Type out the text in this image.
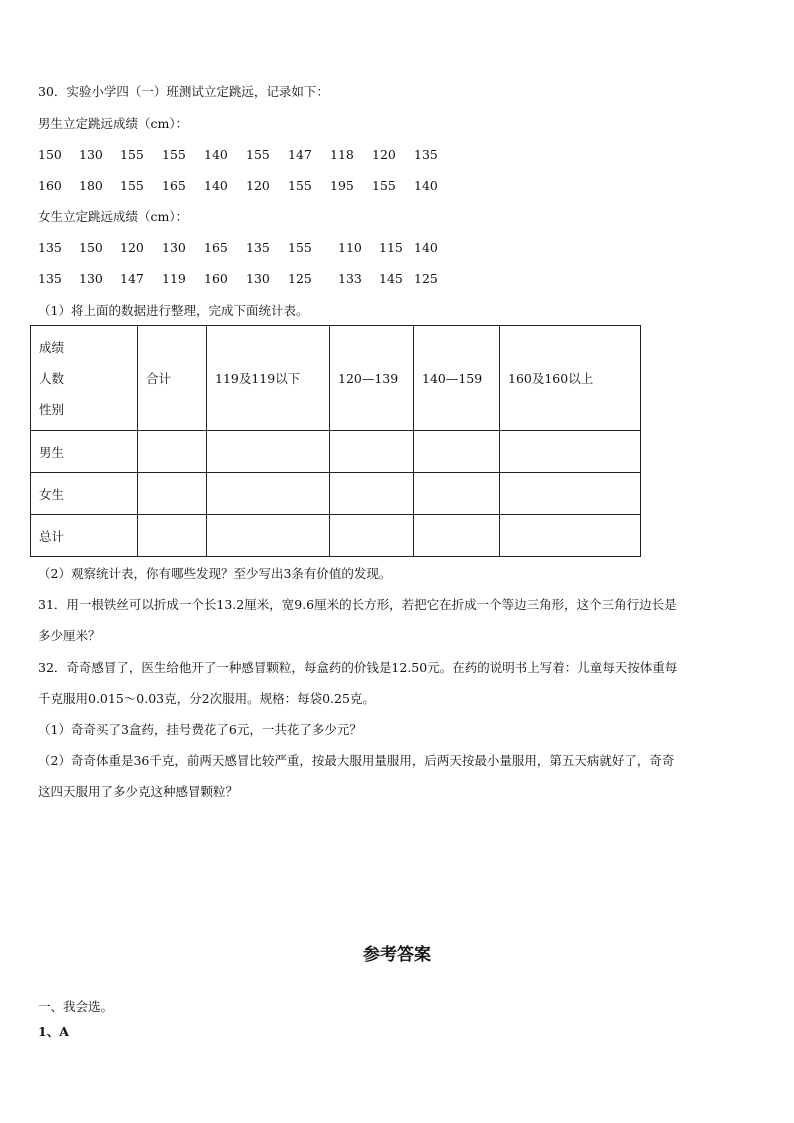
30．实验小学四（一）班测试立定跳远，记录如下：
男生立定跳远成绩（cm）：
150 130 155 155 140 155 147 118 120 135
160 180 155 165 140 120 155 195 155 140
女生立定跳远成绩（cm）：
135 150 120 130 165 135 155 110 115 140
135 130 147 119 160 130 125 133 145 125
（1）将上面的数据进行整理，完成下面统计表。
成绩
人数
性别	合计	119及119以下	120—139	140—159	160及160以上
男生					
女生					
总计					
（2）观察统计表，你有哪些发现？至少写出3条有价值的发现。
31．用一根铁丝可以折成一个长13.2厘米，宽9.6厘米的长方形，若把它在折成一个等边三角形，这个三角行边长是
多少厘米？
32．奇奇感冒了，医生给他开了一种感冒颗粒，每盒药的价钱是12.50元。在药的说明书上写着：儿童每天按体重每
千克服用0.015～0.03克，分2次服用。规格：每袋0.25克。
（1）奇奇买了3盒药，挂号费花了6元，一共花了多少元？
（2）奇奇体重是36千克，前两天感冒比较严重，按最大服用量服用，后两天按最小量服用，第五天病就好了，奇奇
这四天服用了多少克这种感冒颗粒？
参考答案
一、我会选。
1、A
